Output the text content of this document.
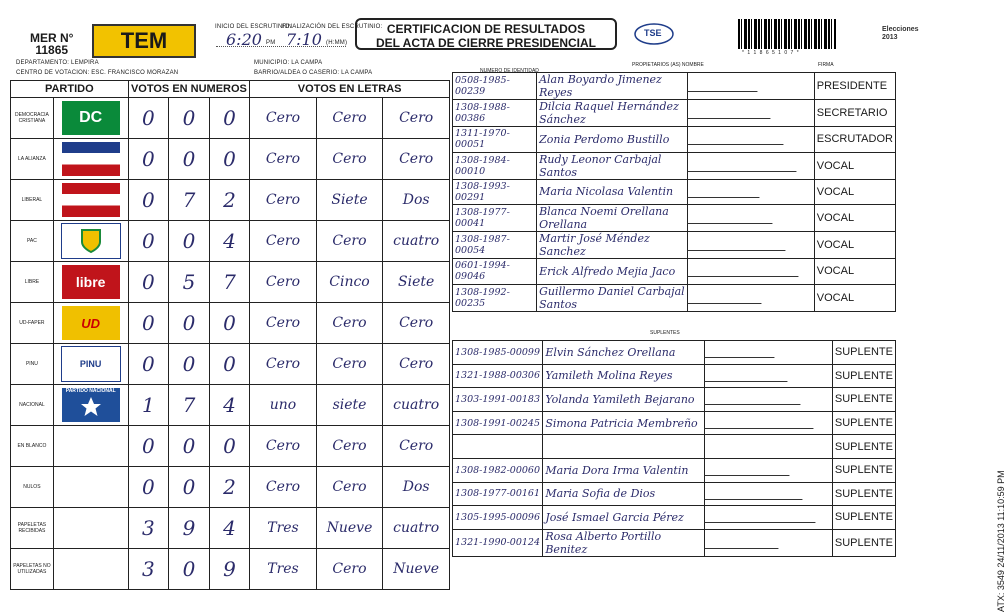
MER N°
11865	TEM
INICIO DEL ESCRUTINIO:
FINALIZACIÓN DEL ESCRUTINIO:
6:20 PM 7:10 (H:MM)
CERTIFICACION DE RESULTADOS
DEL ACTA DE CIERRE PRESIDENCIAL
TSE
* 1 1 8 6 5 1 0 7 *
Elecciones 2013
DEPARTAMENTO: LEMPIRA	MUNICIPIO: LA CAMPA
CENTRO DE VOTACION: ESC. FRANCISCO MORAZAN	BARRIO/ALDEA O CASERIO: LA CAMPA
PARTIDO		VOTOS EN NUMEROS			VOTOS EN LETRAS		
DEMOCRACIA CRISTIANA	DC	0	0	0	Cero	Cero	Cero
LA ALIANZA		0	0	0	Cero	Cero	Cero
LIBERAL		0	7	2	Cero	Siete	Dos
PAC		0	0	4	Cero	Cero	cuatro
LIBRE	libre	0	5	7	Cero	Cinco	Siete
UD-FAPER	UD	0	0	0	Cero	Cero	Cero
PINU	PINU	0	0	0	Cero	Cero	Cero
NACIONAL	PARTIDO NACIONAL	1	7	4	uno	siete	cuatro
EN BLANCO		0	0	0	Cero	Cero	Cero
NULOS		0	0	2	Cero	Cero	Dos
PAPELETAS RECIBIDAS		3	9	4	Tres	Nueve	cuatro
PAPELETAS NO UTILIZADAS		3	0	9	Tres	Cero	Nueve
NUMERO DE IDENTIDAD
PROPIETARIOS (AS) NOMBRE	FIRMA
0508-1985-00239	Alan Boyardo Jimenez Reyes		PRESIDENTE
1308-1988-00386	Dilcia Raquel Hernández Sánchez		SECRETARIO
1311-1970-00051	Zonia Perdomo Bustillo		ESCRUTADOR
1308-1984-00010	Rudy Leonor Carbajal Santos		VOCAL
1308-1993-00291	Maria Nicolasa Valentin		VOCAL
1308-1977-00041	Blanca Noemi Orellana Orellana		VOCAL
1308-1987-00054	Martir José Méndez Sanchez		VOCAL
0601-1994-09046	Erick Alfredo Mejia Jaco		VOCAL
1308-1992-00235	Guillermo Daniel Carbajal Santos		VOCAL
SUPLENTES
1308-1985-00099	Elvin Sánchez Orellana		SUPLENTE
1321-1988-00306	Yamileth Molina Reyes		SUPLENTE
1303-1991-00183	Yolanda Yamileth Bejarano		SUPLENTE
1308-1991-00245	Simona Patricia Membreño		SUPLENTE
			SUPLENTE
1308-1982-00060	Maria Dora Irma Valentin		SUPLENTE
1308-1977-00161	Maria Sofia de Dios		SUPLENTE
1305-1995-00096	José Ismael Garcia Pérez		SUPLENTE
1321-1990-00124	Rosa Alberto Portillo Benitez		SUPLENTE	ATX: 3549 24/11/2013 11:10:59 PM
